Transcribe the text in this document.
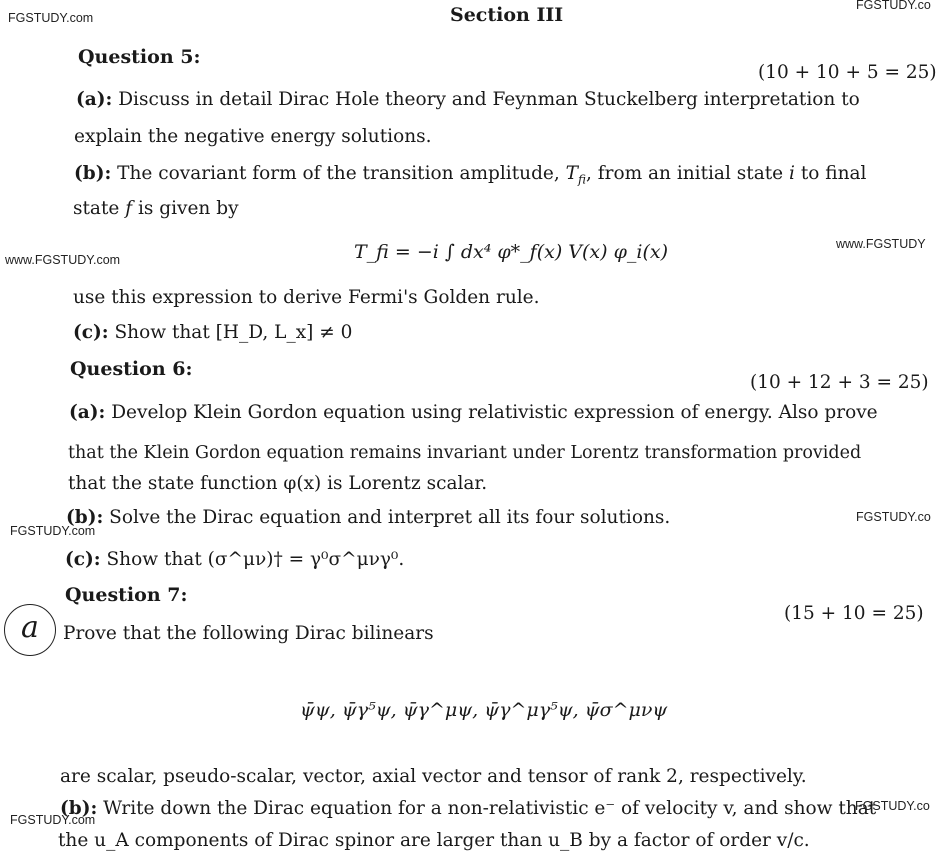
FGSTUDY.com
FGSTUDY.co
Section III
Question 5:
(10 + 10 + 5 = 25)
(a): Discuss in detail Dirac Hole theory and Feynman Stuckelberg interpretation to
explain the negative energy solutions.
(b): The covariant form of the transition amplitude, $T_{fi}$, from an initial state i to final
state f is given by
www.FGSTUDY.com	T_fi = −i ∫ dx⁴ φ*_f(x) V(x) φ_i(x)	www.FGSTUDY
use this expression to derive Fermi's Golden rule.
(c): Show that [H_D, L_x] ≠ 0
Question 6:
(10 + 12 + 3 = 25)
(a): Develop Klein Gordon equation using relativistic expression of energy. Also prove
that the Klein Gordon equation remains invariant under Lorentz transformation provided
that the state function φ(x) is Lorentz scalar.
(b): Solve the Dirac equation and interpret all its four solutions.
FGSTUDY.com
FGSTUDY.co
(c): Show that (σ^μν)† = γ⁰σ^μνγ⁰.
Question 7:
(15 + 10 = 25)
a	Prove that the following Dirac bilinears
ψ̄ψ, ψ̄γ⁵ψ, ψ̄γ^μψ, ψ̄γ^μγ⁵ψ, ψ̄σ^μνψ
are scalar, pseudo-scalar, vector, axial vector and tensor of rank 2, respectively.
(b): Write down the Dirac equation for a non-relativistic e⁻ of velocity v, and show that
FGSTUDY.com
FGSTUDY.co
the u_A components of Dirac spinor are larger than u_B by a factor of order v/c.
